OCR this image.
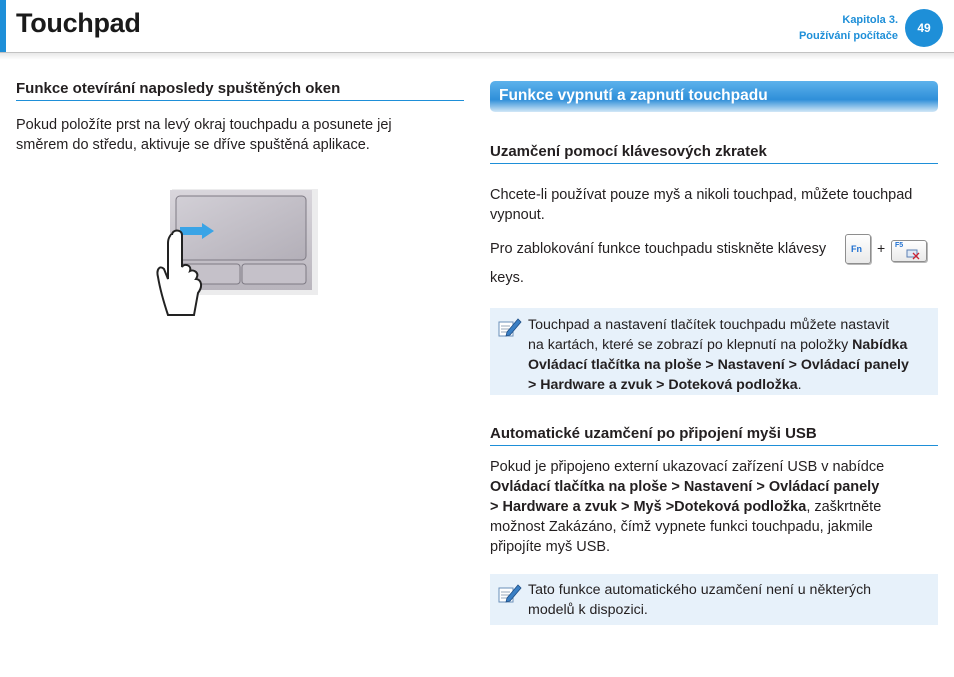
Touchpad	Kapitola 3.
Používání počítače
49
Funkce otevírání naposledy spuštěných oken
Pokud položíte prst na levý okraj touchpadu a posunete jej
směrem do středu, aktivuje se dříve spuštěná aplikace.
Funkce vypnutí a zapnutí touchpadu
Uzamčení pomocí klávesových zkratek
Chcete-li používat pouze myš a nikoli touchpad, můžete touchpad
vypnout.
Pro zablokování funkce touchpadu stiskněte klávesy	Fn + F5
keys.
Touchpad a nastavení tlačítek touchpadu můžete nastavit
na kartách, které se zobrazí po klepnutí na položky Nabídka
Ovládací tlačítka na ploše > Nastavení > Ovládací panely
> Hardware a zvuk > Doteková podložka.
Automatické uzamčení po připojení myši USB
Pokud je připojeno externí ukazovací zařízení USB v nabídce
Ovládací tlačítka na ploše > Nastavení > Ovládací panely
> Hardware a zvuk > Myš >Doteková podložka, zaškrtněte
možnost Zakázáno, čímž vypnete funkci touchpadu, jakmile
připojíte myš USB.
Tato funkce automatického uzamčení není u některých
modelů k dispozici.
